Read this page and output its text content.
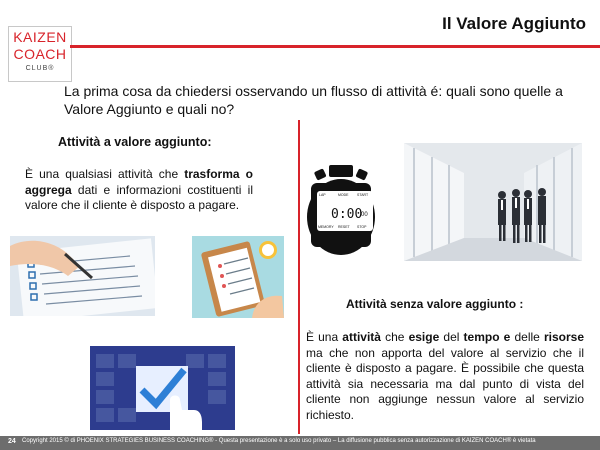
KAIZEN
COACH
CLUB®
Il Valore Aggiunto
La prima cosa da chiedersi osservando un flusso di attività é: quali sono quelle a Valore Aggiunto e quali no?
Attività a valore aggiunto:
È una qualsiasi attività che trasforma o aggrega dati e informazioni costituenti il valore che il cliente è disposto a pagare.
LAP	MODE START
0:00
00
MEMORY RESET STOP
Attività senza valore aggiunto :
È una attività che esige del tempo e delle risorse ma che non apporta del valore al servizio che il cliente è disposto a pagare. È possibile che questa attività sia necessaria ma dal punto di vista del cliente non aggiunge nessun valore al servizio richiesto.
24 Copyright 2015 © di PHOENIX STRATEGIES BUSINESS COACHING® - Questa presentazione è a solo uso privato – La diffusione pubblica senza autorizzazione di KAIZEN COACH® è vietata
